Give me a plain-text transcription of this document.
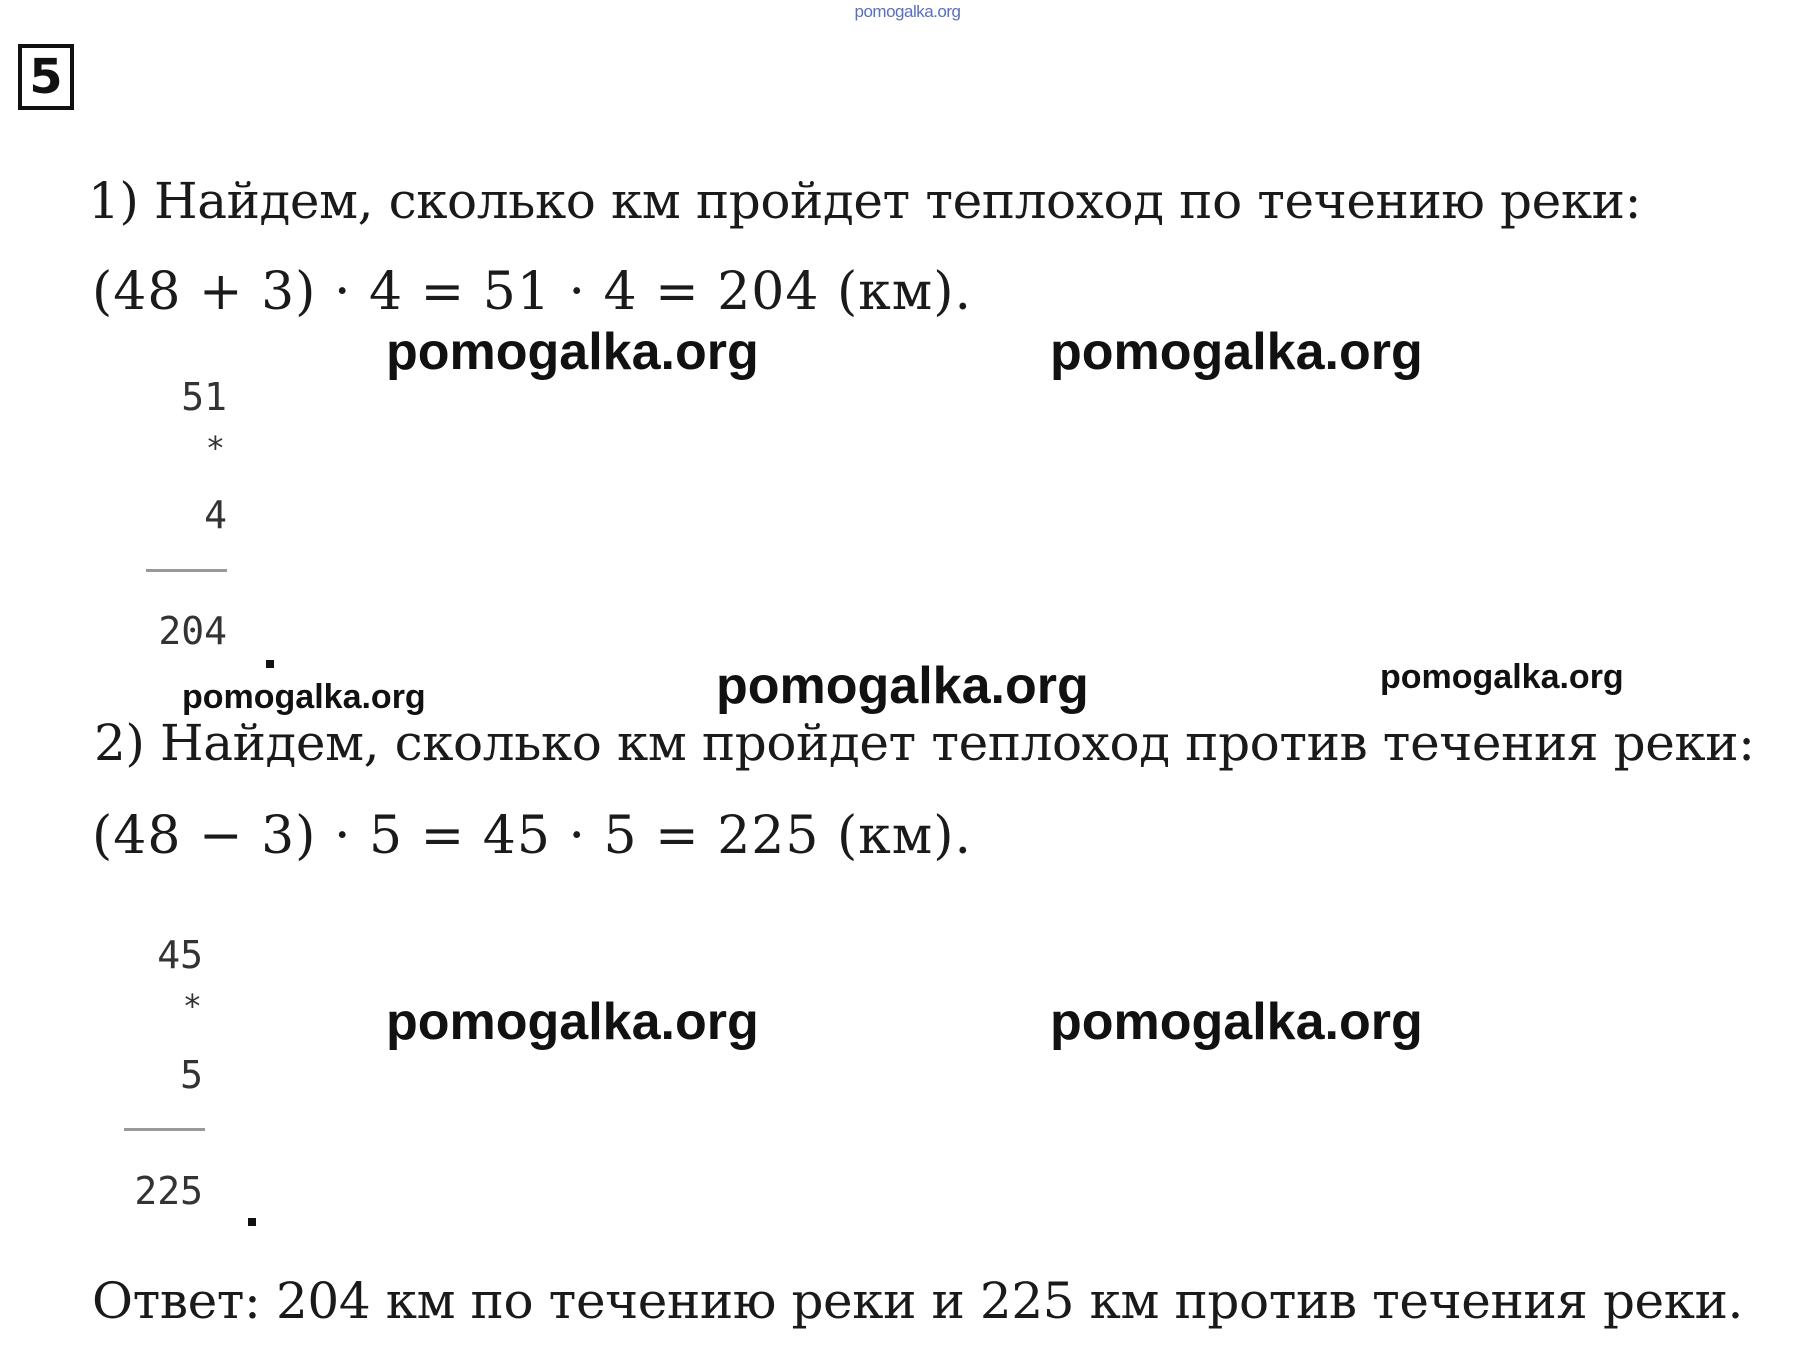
pomogalka.org
5
1) Найдем, сколько км пройдет теплоход по течению реки:
(48 + 3) · 4 = 51 · 4 = 204 (км).
pomogalka.org	pomogalka.org
51
*
4
204
pomogalka.org	pomogalka.org	pomogalka.org
2) Найдем, сколько км пройдет теплоход против течения реки:
(48 − 3) · 5 = 45 · 5 = 225 (км).
45
*
5
225
pomogalka.org	pomogalka.org
Ответ: 204 км по течению реки и 225 км против течения реки.
